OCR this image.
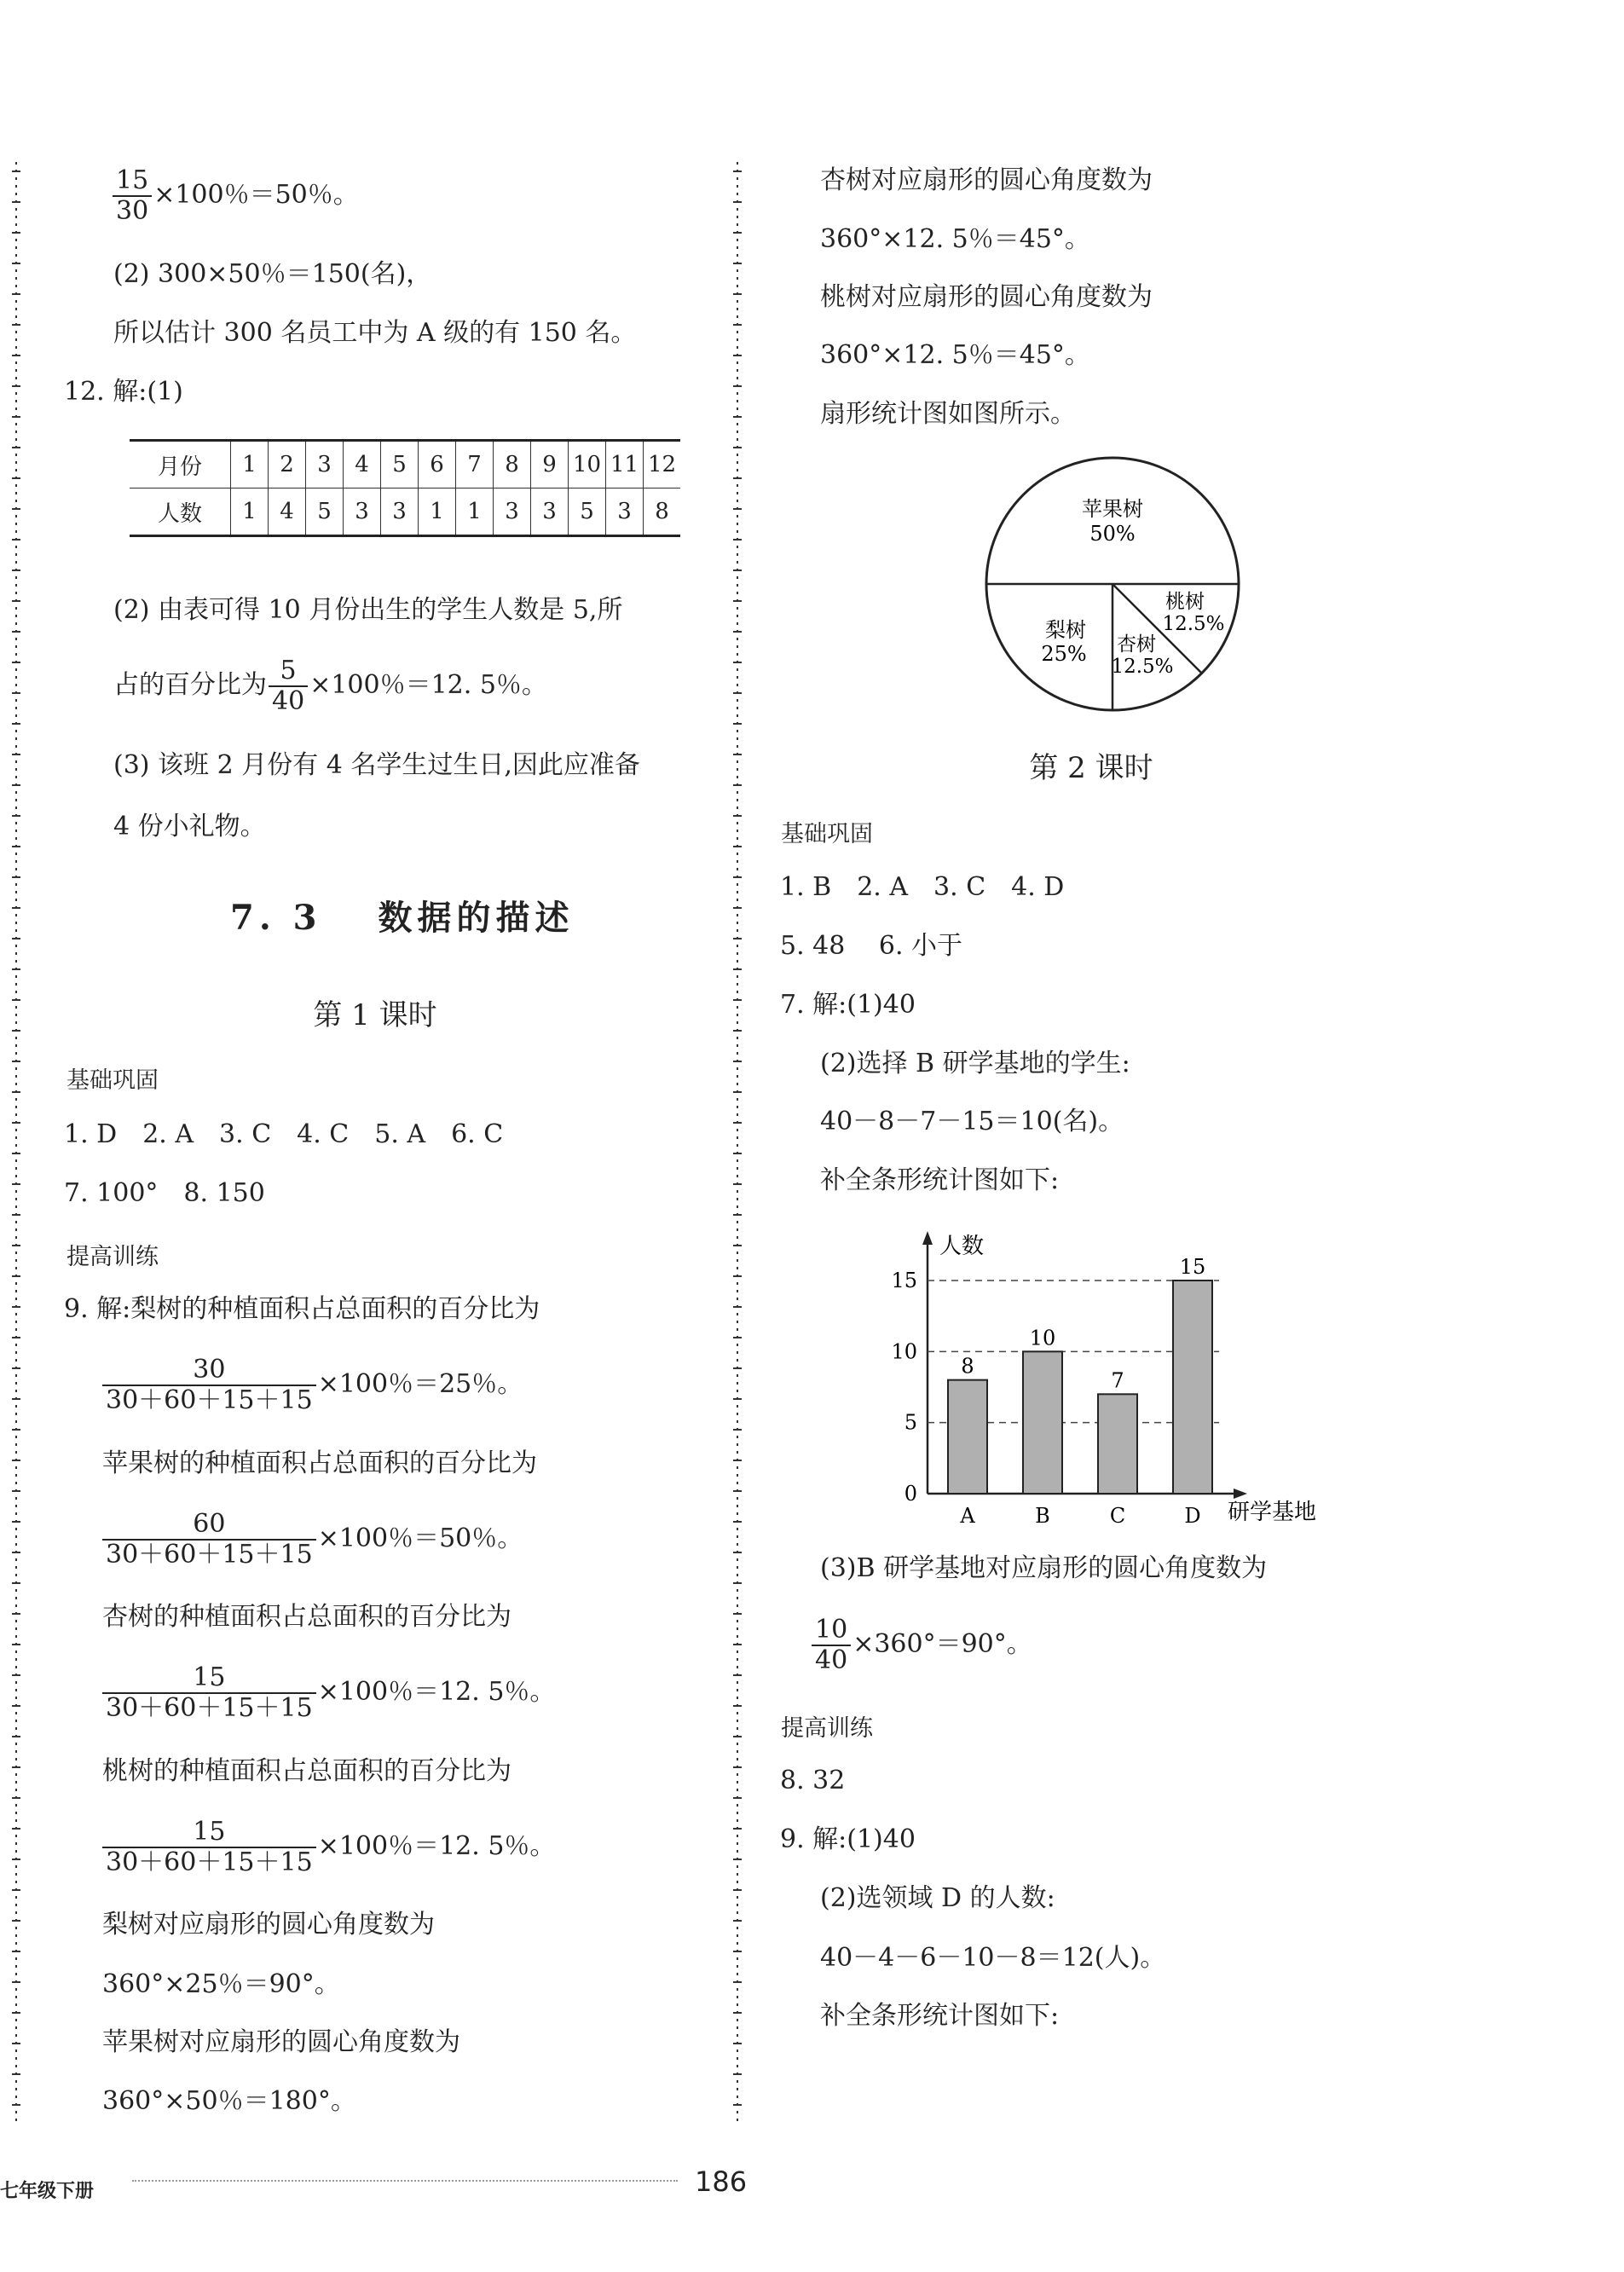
$\frac{15}{30} \times 100$％＝50％。
(2) 300×50％＝150(名)，
所以估计 300 名员工中为 A 级的有 150 名。
12. 解:(1)
月份	1	2	3	4	5	6	7	8	9	10	11	12
人数	1	4	5	3	3	1	1	3	3	5	3	8
(2) 由表可得 10 月份出生的学生人数是 5,所
占的百分比为 $\frac{5}{40} \times 100$％＝12. 5％。
(3) 该班 2 月份有 4 名学生过生日,因此应准备
4 份小礼物。
7. 3　 数据的描述
第 1 课时
基础巩固
1. D　2. A　3. C　4. C　5. A　6. C
7. 100°　8. 150
提高训练
9. 解:梨树的种植面积占总面积的百分比为
$\frac{30}{30+60+15+15} \times 100$％＝25％。
苹果树的种植面积占总面积的百分比为
$\frac{60}{30+60+15+15} \times 100$％＝50％。
杏树的种植面积占总面积的百分比为
$\frac{15}{30+60+15+15} \times 100$％＝12. 5％。
桃树的种植面积占总面积的百分比为
$\frac{15}{30+60+15+15} \times 100$％＝12. 5％。
梨树对应扇形的圆心角度数为
360°×25％＝90°。
苹果树对应扇形的圆心角度数为
360°×50％＝180°。
杏树对应扇形的圆心角度数为
360°×12. 5％＝45°。
桃树对应扇形的圆心角度数为
360°×12. 5％＝45°。
扇形统计图如图所示。
苹果树
50%
桃树
12.5%
杏树
12.5%
梨树
25%
第 2 课时
基础巩固
1. B　2. A　3. C　4. D
5. 48　 6. 小于
7. 解:(1)40
(2)选择 B 研学基地的学生:
40－8－7－15＝10(名)。
补全条形统计图如下:
人数
研学基地
0
5
10
15
8
A
10
B
7
C
15
D
(3)B 研学基地对应扇形的圆心角度数为
$\frac{10}{40} \times 360^\circ=90^\circ$。
提高训练
8. 32
9. 解:(1)40
(2)选领域 D 的人数:
40－4－6－10－8＝12(人)。
补全条形统计图如下:
七年级下册	186
